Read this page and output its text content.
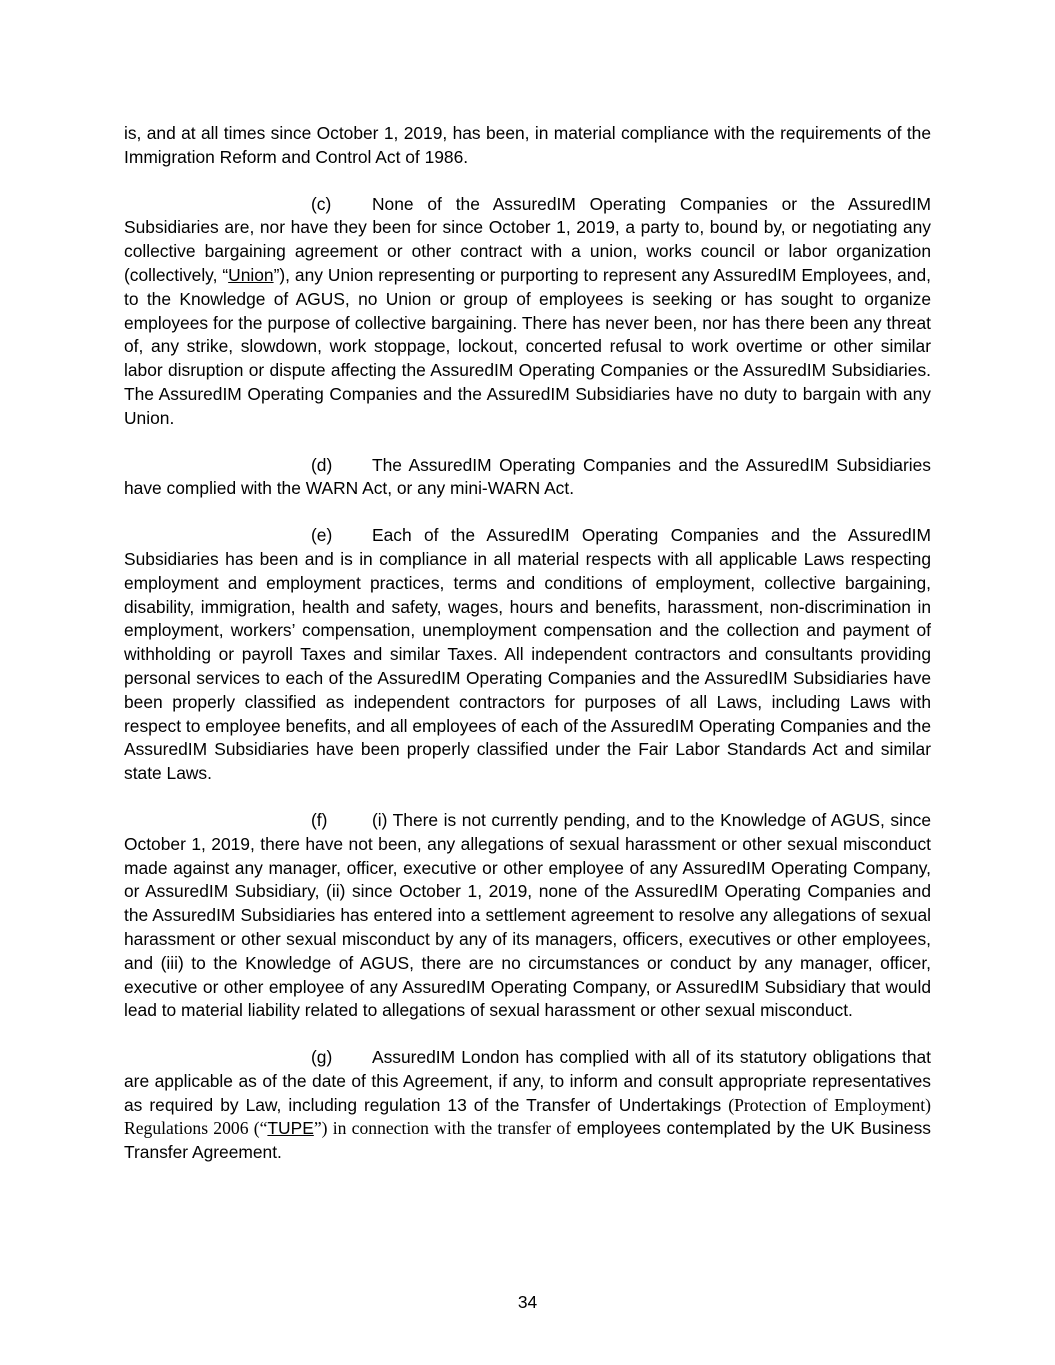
is, and at all times since October 1, 2019, has been, in material compliance with the requirements of the Immigration Reform and Control Act of 1986.

(c) None of the AssuredIM Operating Companies or the AssuredIM Subsidiaries are, nor have they been for since October 1, 2019, a party to, bound by, or negotiating any collective bargaining agreement or other contract with a union, works council or labor organization (collectively, “Union”), any Union representing or purporting to represent any AssuredIM Employees, and, to the Knowledge of AGUS, no Union or group of employees is seeking or has sought to organize employees for the purpose of collective bargaining. There has never been, nor has there been any threat of, any strike, slowdown, work stoppage, lockout, concerted refusal to work overtime or other similar labor disruption or dispute affecting the AssuredIM Operating Companies or the AssuredIM Subsidiaries. The AssuredIM Operating Companies and the AssuredIM Subsidiaries have no duty to bargain with any Union.

(d) The AssuredIM Operating Companies and the AssuredIM Subsidiaries have complied with the WARN Act, or any mini-WARN Act.

(e) Each of the AssuredIM Operating Companies and the AssuredIM Subsidiaries has been and is in compliance in all material respects with all applicable Laws respecting employment and employment practices, terms and conditions of employment, collective bargaining, disability, immigration, health and safety, wages, hours and benefits, harassment, non-discrimination in employment, workers’ compensation, unemployment compensation and the collection and payment of withholding or payroll Taxes and similar Taxes. All independent contractors and consultants providing personal services to each of the AssuredIM Operating Companies and the AssuredIM Subsidiaries have been properly classified as independent contractors for purposes of all Laws, including Laws with respect to employee benefits, and all employees of each of the AssuredIM Operating Companies and the AssuredIM Subsidiaries have been properly classified under the Fair Labor Standards Act and similar state Laws.

(f)	(i) There is not currently pending, and to the Knowledge of AGUS, since October 1, 2019, there have not been, any allegations of sexual harassment or other sexual misconduct made against any manager, officer, executive or other employee of any AssuredIM Operating Company, or AssuredIM Subsidiary, (ii) since October 1, 2019, none of the AssuredIM Operating Companies and the AssuredIM Subsidiaries has entered into a settlement agreement to resolve any allegations of sexual harassment or other sexual misconduct by any of its managers, officers, executives or other employees, and (iii) to the Knowledge of AGUS, there are no circumstances or conduct by any manager, officer, executive or other employee of any AssuredIM Operating Company, or AssuredIM Subsidiary that would lead to material liability related to allegations of sexual harassment or other sexual misconduct.

(g) AssuredIM London has complied with all of its statutory obligations that are applicable as of the date of this Agreement, if any, to inform and consult appropriate representatives as required by Law, including regulation 13 of the Transfer of Undertakings (Protection of Employment) Regulations 2006 (“TUPE”) in connection with the transfer of employees contemplated by the UK Business Transfer Agreement.

34
